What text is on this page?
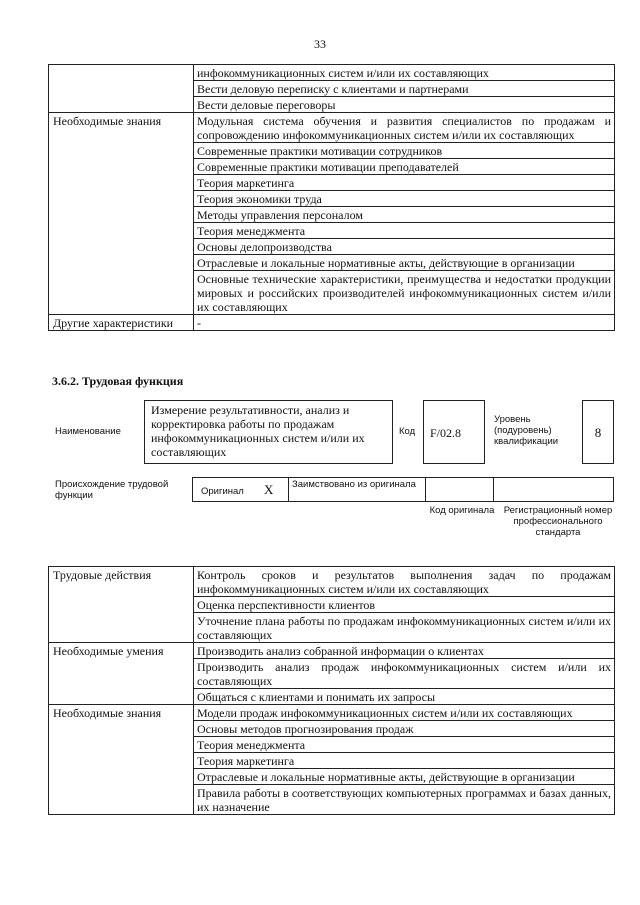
33
	инфокоммуникационных систем и/или их составляющих
	Вести деловую переписку с клиентами и партнерами
	Вести деловые переговоры
Необходимые знания	Модульная система обучения и развития специалистов по продажам и сопровождению инфокоммуникационных систем и/или их составляющих
	Современные практики мотивации сотрудников
	Современные практики мотивации преподавателей
	Теория маркетинга
	Теория экономики труда
	Методы управления персоналом
	Теория менеджмента
	Основы делопроизводства
	Отраслевые и локальные нормативные акты, действующие в организации
	Основные технические характеристики, преимущества и недостатки продукции мировых и российских производителей инфокоммуникационных систем и/или их составляющих
Другие характеристики	-
3.6.2. Трудовая функция
Наименование
Измерение результативности, анализ и корректировка работы по продажам инфокоммуникационных систем и/или их составляющих
Код	F/02.8
Уровень (подуровень) квалификации
8
Происхождение трудовой функции	Оригинал X Заимствовано из оригинала
Код оригинала Регистрационный номер профессионального стандарта
Трудовые действия	Контроль сроков и результатов выполнения задач по продажам инфокоммуникационных систем и/или их составляющих
	Оценка перспективности клиентов
	Уточнение плана работы по продажам инфокоммуникационных систем и/или их составляющих
Необходимые умения	Производить анализ собранной информации о клиентах
	Производить анализ продаж инфокоммуникационных систем и/или их составляющих
	Общаться с клиентами и понимать их запросы
Необходимые знания	Модели продаж инфокоммуникационных систем и/или их составляющих
	Основы методов прогнозирования продаж
	Теория менеджмента
	Теория маркетинга
	Отраслевые и локальные нормативные акты, действующие в организации
	Правила работы в соответствующих компьютерных программах и базах данных, их назначение
